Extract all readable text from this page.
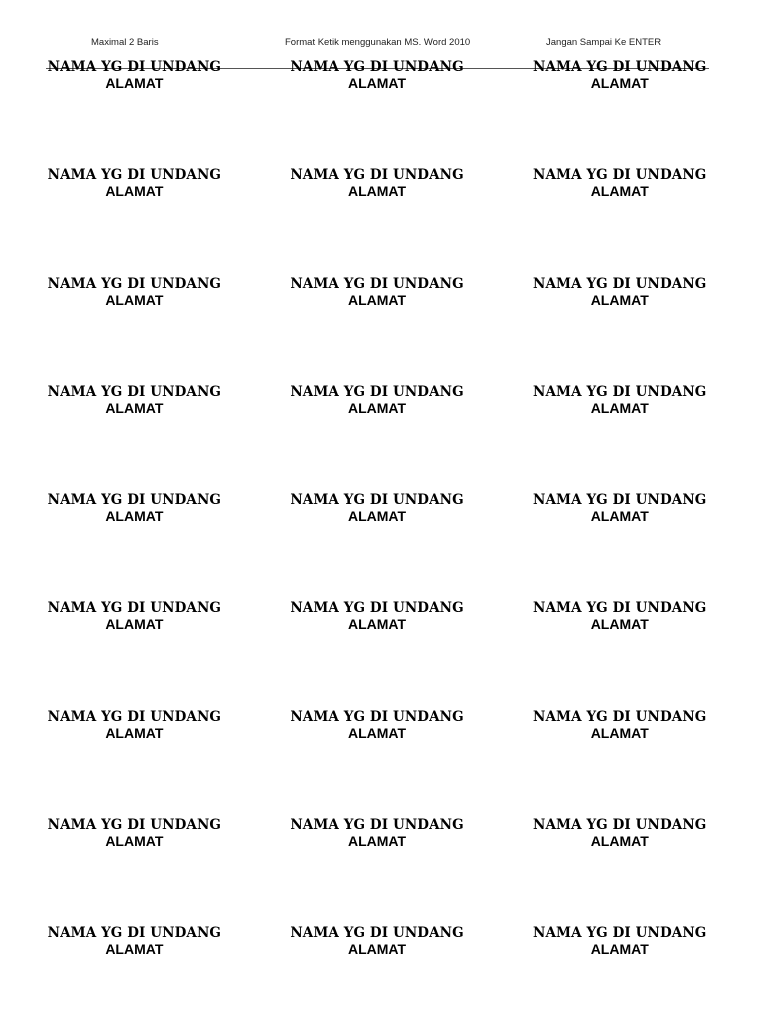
Maximal 2 Baris	Format Ketik menggunakan MS. Word 2010	Jangan Sampai Ke ENTER
NAMA YG DI UNDANG
ALAMAT
NAMA YG DI UNDANG
ALAMAT
NAMA YG DI UNDANG
ALAMAT
NAMA YG DI UNDANG
ALAMAT
NAMA YG DI UNDANG
ALAMAT
NAMA YG DI UNDANG
ALAMAT
NAMA YG DI UNDANG
ALAMAT
NAMA YG DI UNDANG
ALAMAT
NAMA YG DI UNDANG
ALAMAT
NAMA YG DI UNDANG
ALAMAT
NAMA YG DI UNDANG
ALAMAT
NAMA YG DI UNDANG
ALAMAT
NAMA YG DI UNDANG
ALAMAT
NAMA YG DI UNDANG
ALAMAT
NAMA YG DI UNDANG
ALAMAT
NAMA YG DI UNDANG
ALAMAT
NAMA YG DI UNDANG
ALAMAT
NAMA YG DI UNDANG
ALAMAT
NAMA YG DI UNDANG
ALAMAT
NAMA YG DI UNDANG
ALAMAT
NAMA YG DI UNDANG
ALAMAT
NAMA YG DI UNDANG
ALAMAT
NAMA YG DI UNDANG
ALAMAT
NAMA YG DI UNDANG
ALAMAT
NAMA YG DI UNDANG
ALAMAT
NAMA YG DI UNDANG
ALAMAT
NAMA YG DI UNDANG
ALAMAT
